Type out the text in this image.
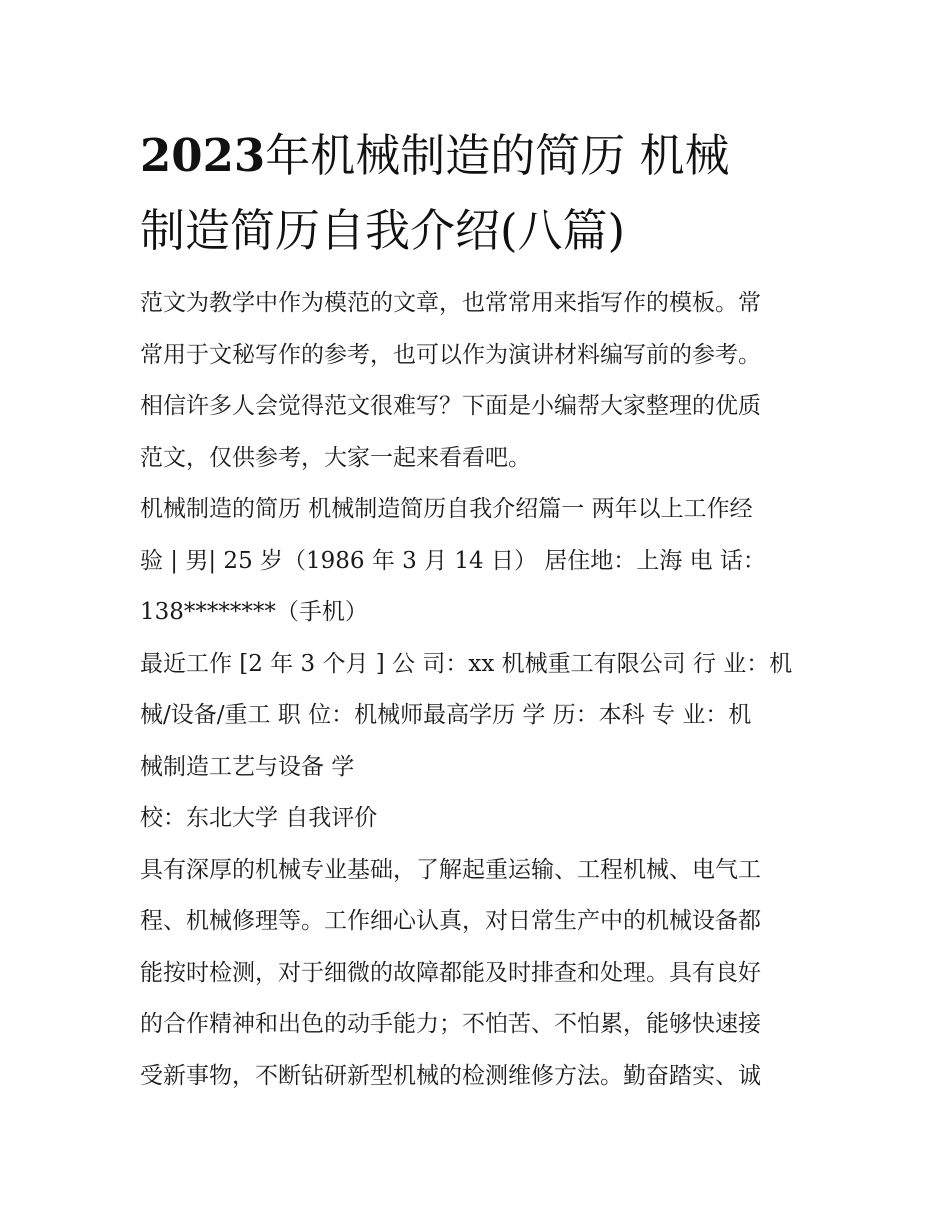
2023年机械制造的简历 机械
制造简历自我介绍(八篇)
范文为教学中作为模范的文章，也常常用来指写作的模板。常
常用于文秘写作的参考，也可以作为演讲材料编写前的参考。
相信许多人会觉得范文很难写？下面是小编帮大家整理的优质
范文，仅供参考，大家一起来看看吧。
机械制造的简历 机械制造简历自我介绍篇一 两年以上工作经
验 | 男| 25 岁（1986 年 3 月 14 日） 居住地：上海 电 话：
138********（手机）
最近工作 [2 年 3 个月 ] 公 司：xx 机械重工有限公司 行 业：机
械/设备/重工 职 位：机械师最高学历 学 历：本科 专 业：机
械制造工艺与设备 学
校：东北大学 自我评价
具有深厚的机械专业基础，了解起重运输、工程机械、电气工
程、机械修理等。工作细心认真，对日常生产中的机械设备都
能按时检测，对于细微的故障都能及时排查和处理。具有良好
的合作精神和出色的动手能力；不怕苦、不怕累，能够快速接
受新事物，不断钻研新型机械的检测维修方法。勤奋踏实、诚
